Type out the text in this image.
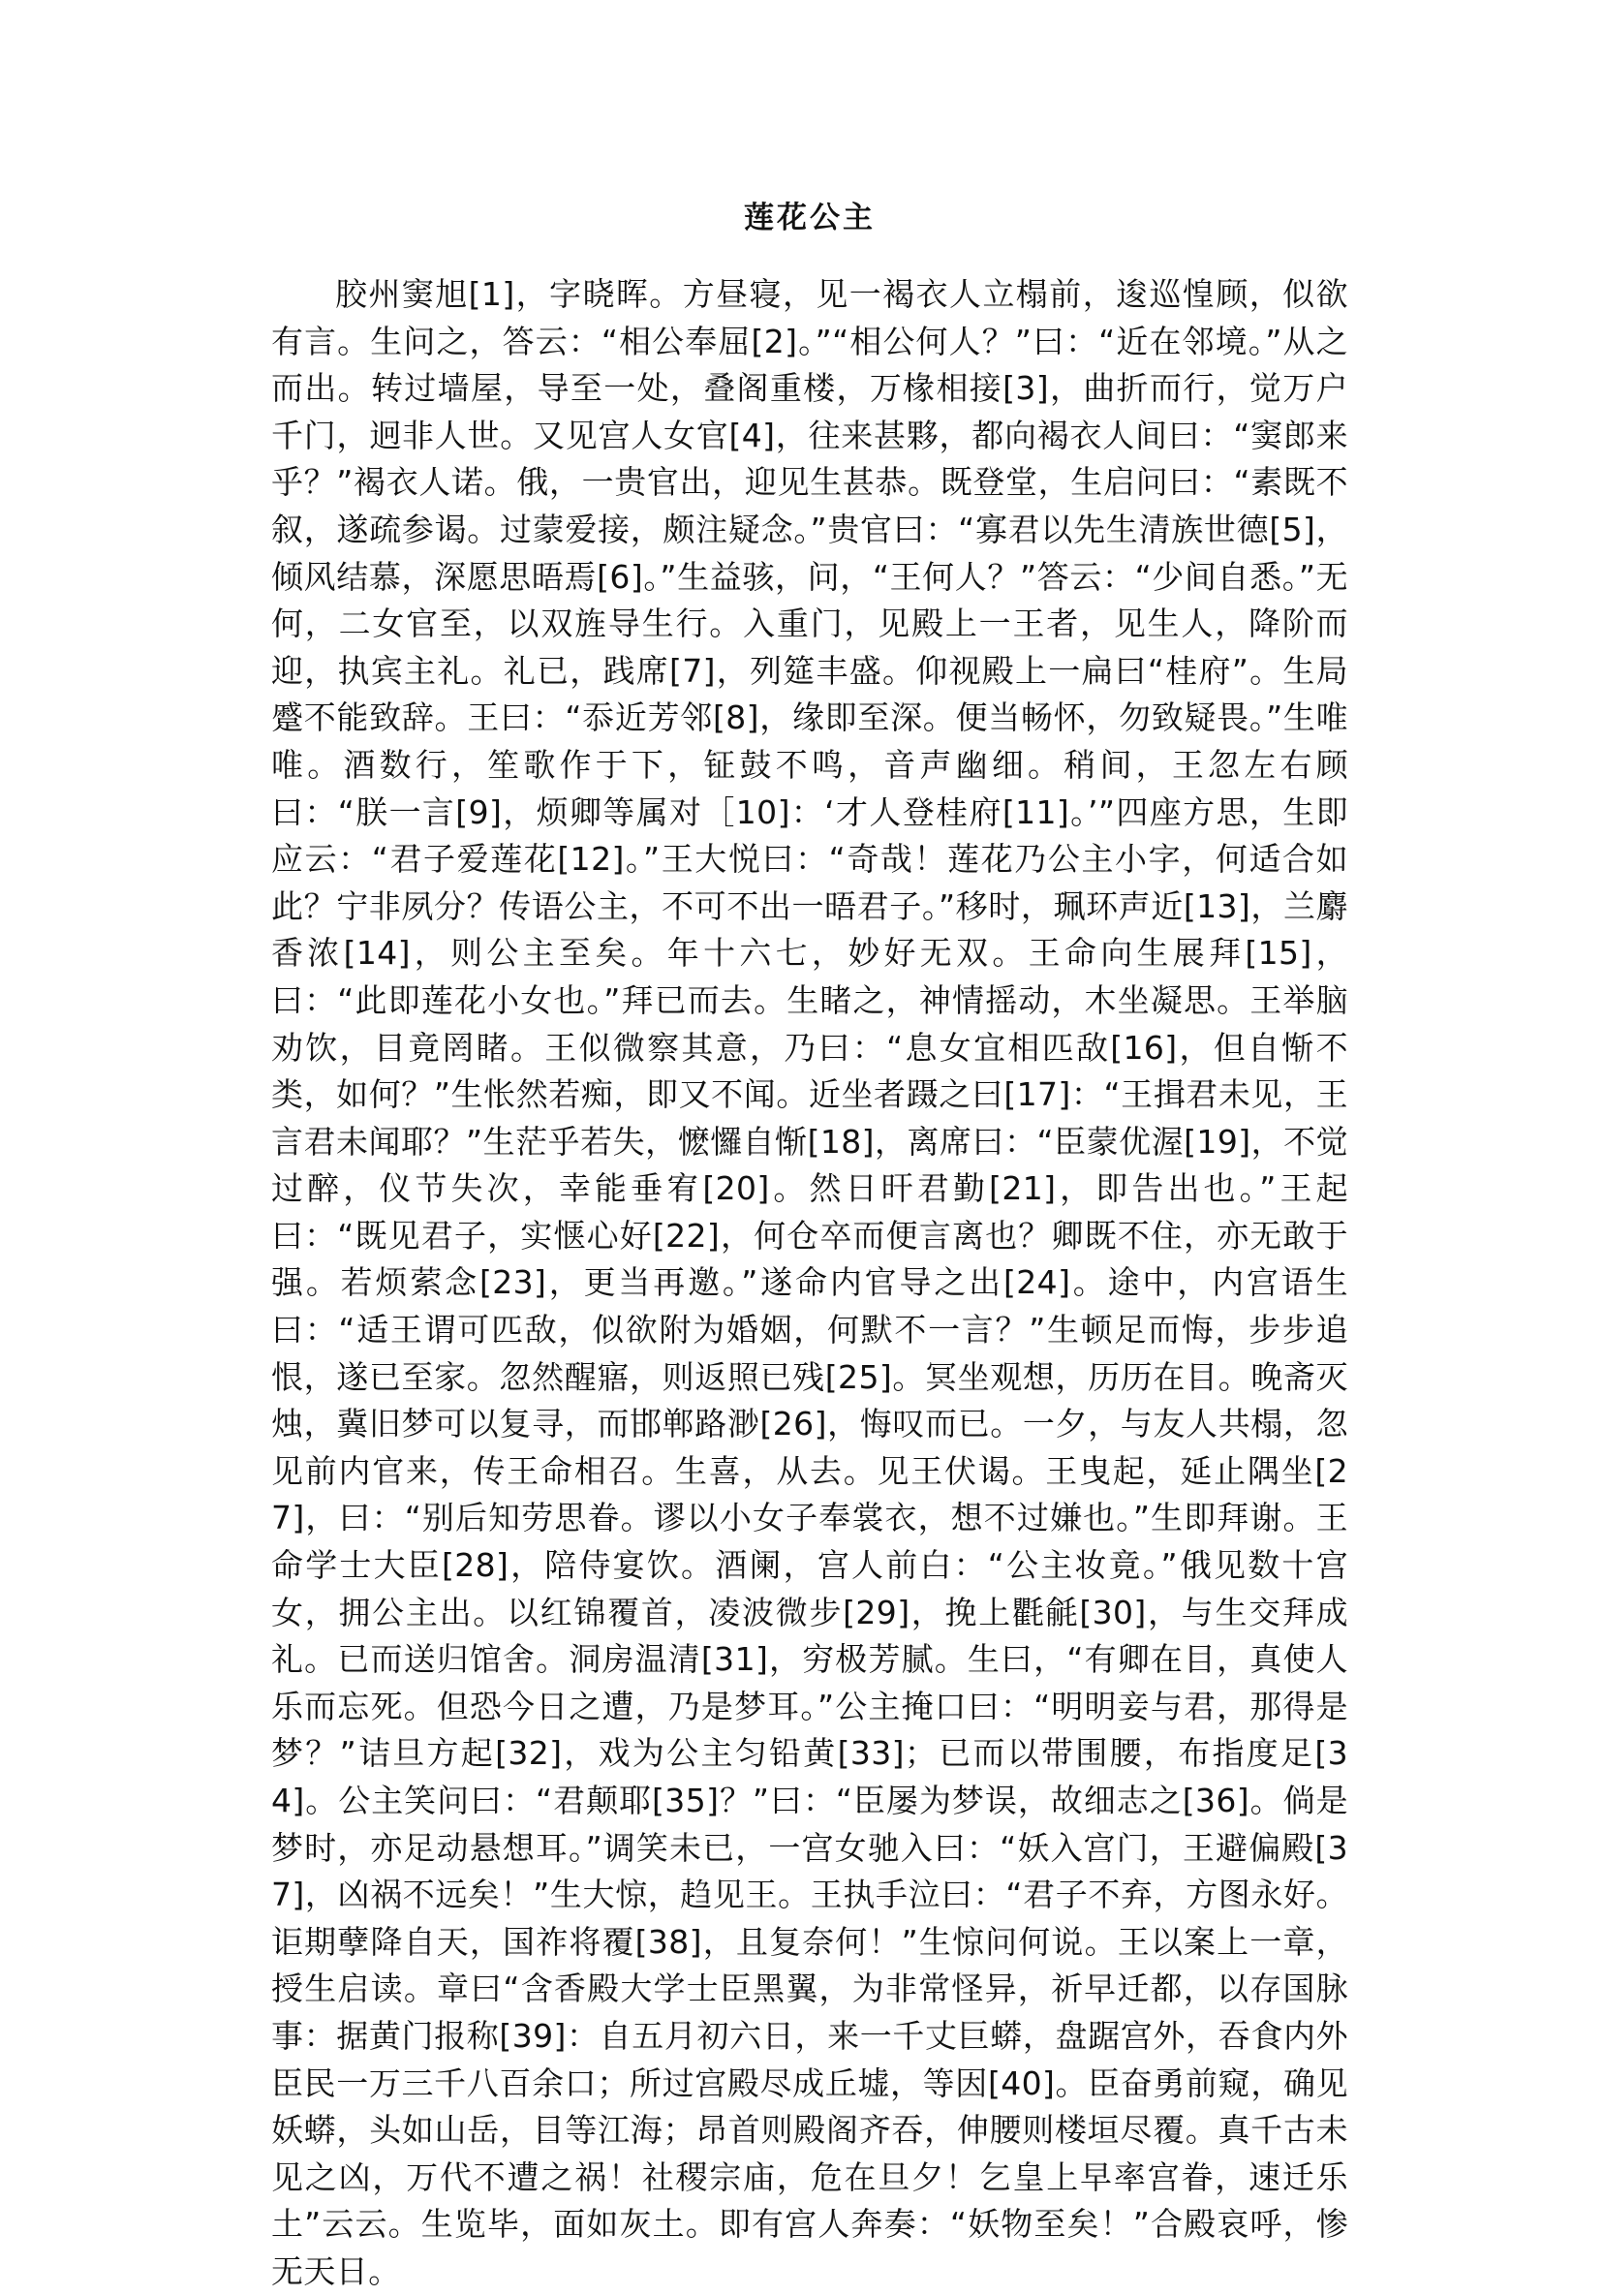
莲花公主

胶州窦旭[1]，字晓晖。方昼寝，见一褐衣人立榻前，逡巡惶顾，似欲有言。生问之，答云：“相公奉屈[2]。”“相公何人？”曰：“近在邻境。”从之而出。转过墙屋，导至一处，叠阁重楼，万椽相接[3]，曲折而行，觉万户千门，迥非人世。又见宫人女官[4]，往来甚夥，都向褐衣人间曰：“窦郎来乎？”褐衣人诺。俄，一贵官出，迎见生甚恭。既登堂，生启问曰：“素既不叙，遂疏参谒。过蒙爱接，颇注疑念。”贵官曰：“寡君以先生清族世德[5]，倾风结慕，深愿思晤焉[6]。”生益骇，问，“王何人？”答云：“少间自悉。”无何，二女官至，以双旌导生行。入重门，见殿上一王者，见生人，降阶而迎，执宾主礼。礼已，践席[7]，列筵丰盛。仰视殿上一扁曰“桂府”。生局蹙不能致辞。王曰：“忝近芳邻[8]，缘即至深。便当畅怀，勿致疑畏。”生唯唯。酒数行，笙歌作于下，钲鼓不鸣，音声幽细。稍间，王忽左右顾曰：“朕一言[9]，烦卿等属对［10]：‘才人登桂府[11]。’”四座方思，生即应云：“君子爱莲花[12]。”王大悦曰：“奇哉！莲花乃公主小字，何适合如此？宁非夙分？传语公主，不可不出一晤君子。”移时，珮环声近[13]，兰麝香浓[14]，则公主至矣。年十六七，妙好无双。王命向生展拜[15]，曰：“此即莲花小女也。”拜已而去。生睹之，神情摇动，木坐凝思。王举脑劝饮，目竟罔睹。王似微察其意，乃曰：“息女宜相匹敌[16]，但自惭不类，如何？”生怅然若痴，即又不闻。近坐者蹑之曰[17]：“王揖君未见，王言君未闻耶？”生茫乎若失，懡㦬自惭[18]，离席曰：“臣蒙优渥[19]，不觉过醉，仪节失次，幸能垂宥[20]。然日旰君勤[21]，即告出也。”王起曰：“既见君子，实惬心好[22]，何仓卒而便言离也？卿既不住，亦无敢于强。若烦萦念[23]，更当再邀。”遂命内官导之出[24]。途中，内宫语生曰：“适王谓可匹敌，似欲附为婚姻，何默不一言？”生顿足而悔，步步追恨，遂已至家。忽然醒寤，则返照已残[25]。冥坐观想，历历在目。晚斋灭烛，冀旧梦可以复寻，而邯郸路渺[26]，悔叹而已。一夕，与友人共榻，忽见前内官来，传王命相召。生喜，从去。见王伏谒。王曳起，延止隅坐[27]，曰：“别后知劳思眷。谬以小女子奉裳衣，想不过嫌也。”生即拜谢。王命学士大臣[28]，陪侍宴饮。酒阑，宫人前白：“公主妆竟。”俄见数十宫女，拥公主出。以红锦覆首，凌波微步[29]，挽上氍毹[30]，与生交拜成礼。已而送归馆舍。洞房温清[31]，穷极芳腻。生曰，“有卿在目，真使人乐而忘死。但恐今日之遭，乃是梦耳。”公主掩口曰：“明明妾与君，那得是梦？”诘旦方起[32]，戏为公主匀铅黄[33]；已而以带围腰，布指度足[34]。公主笑问曰：“君颠耶[35]？”曰：“臣屡为梦误，故细志之[36]。倘是梦时，亦足动悬想耳。”调笑未已，一宫女驰入曰：“妖入宫门，王避偏殿[37]，凶祸不远矣！”生大惊，趋见王。王执手泣曰：“君子不弃，方图永好。讵期孽降自天，国祚将覆[38]，且复奈何！”生惊问何说。王以案上一章，授生启读。章曰“含香殿大学士臣黑翼，为非常怪异，祈早迁都，以存国脉事：据黄门报称[39]：自五月初六日，来一千丈巨蟒，盘踞宫外，吞食内外臣民一万三千八百余口；所过宫殿尽成丘墟，等因[40]。臣奋勇前窥，确见妖蟒，头如山岳，目等江海；昂首则殿阁齐吞，伸腰则楼垣尽覆。真千古未见之凶，万代不遭之祸！社稷宗庙，危在旦夕！乞皇上早率宫眷，速迁乐土”云云。生览毕，面如灰土。即有宫人奔奏：“妖物至矣！”合殿哀呼，惨无天日。
